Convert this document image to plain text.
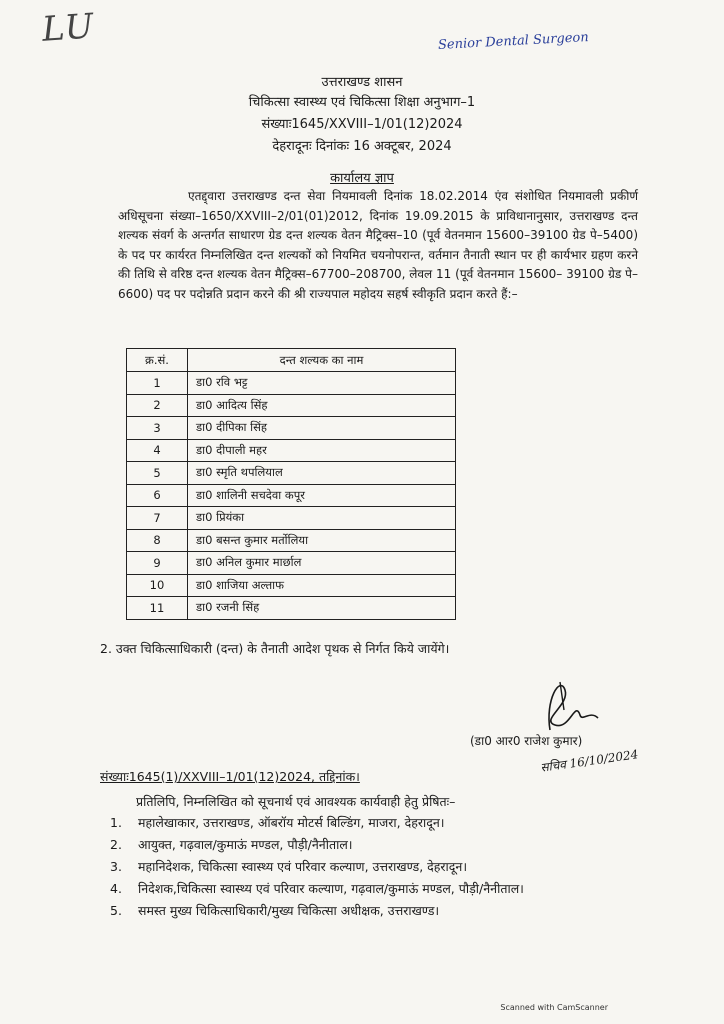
LU	Senior Dental Surgeon
उत्तराखण्ड शासन
चिकित्सा स्वास्थ्य एवं चिकित्सा शिक्षा अनुभाग–1
संख्याः1645/XXVIII–1/01(12)2024
देहरादूनः दिनांकः 16 अक्टूबर, 2024
कार्यालय ज्ञाप
एतद्द्वारा उत्तराखण्ड दन्त सेवा नियमावली दिनांक 18.02.2014 एंव संशोधित नियमावली प्रकीर्ण अधिसूचना संख्या–1650/XXVIII–2/01(01)2012, दिनांक 19.09.2015 के प्राविधानानुसार, उत्तराखण्ड दन्त शल्यक संवर्ग के अन्तर्गत साधारण ग्रेड दन्त शल्यक वेतन मैट्रिक्स–10 (पूर्व वेतनमान 15600–39100 ग्रेड पे–5400) के पद पर कार्यरत निम्नलिखित दन्त शल्यकों को नियमित चयनोपरान्त, वर्तमान तैनाती स्थान पर ही कार्यभार ग्रहण करने की तिथि से वरिष्ठ दन्त शल्यक वेतन मैट्रिक्स–67700–208700, लेवल 11 (पूर्व वेतनमान 15600– 39100 ग्रेड पे–6600) पद पर पदोन्नति प्रदान करने की श्री राज्यपाल महोदय सहर्ष स्वीकृति प्रदान करते हैं:–
क्र.सं.	दन्त शल्यक का नाम
1	डा0 रवि भट्ट
2	डा0 आदित्य सिंह
3	डा0 दीपिका सिंह
4	डा0 दीपाली महर
5	डा0 स्मृति थपलियाल
6	डा0 शालिनी सचदेवा कपूर
7	डा0 प्रियंका
8	डा0 बसन्त कुमार मर्तोलिया
9	डा0 अनिल कुमार मार्छाल
10	डा0 शाजिया अल्ताफ
11	डा0 रजनी सिंह
2. उक्त चिकित्साधिकारी (दन्त) के तैनाती आदेश पृथक से निर्गत किये जायेंगे।
(डा0 आर0 राजेश कुमार)
सचिव 16/10/2024
संख्याः1645(1)/XXVIII–1/01(12)2024, तद्दिनांक।
प्रतिलिपि, निम्नलिखित को सूचनार्थ एवं आवश्यक कार्यवाही हेतु प्रेषितः–
1.	महालेखाकार, उत्तराखण्ड, ऑबरॉय मोटर्स बिल्डिंग, माजरा, देहरादून।
2.	आयुक्त, गढ़वाल/कुमाऊं मण्डल, पौड़ी/नैनीताल।
3.	महानिदेशक, चिकित्सा स्वास्थ्य एवं परिवार कल्याण, उत्तराखण्ड, देहरादून।
4.	निदेशक,चिकित्सा स्वास्थ्य एवं परिवार कल्याण, गढ़वाल/कुमाऊं मण्डल, पौड़ी/नैनीताल।
5.	समस्त मुख्य चिकित्साधिकारी/मुख्य चिकित्सा अधीक्षक, उत्तराखण्ड।
Scanned with CamScanner
